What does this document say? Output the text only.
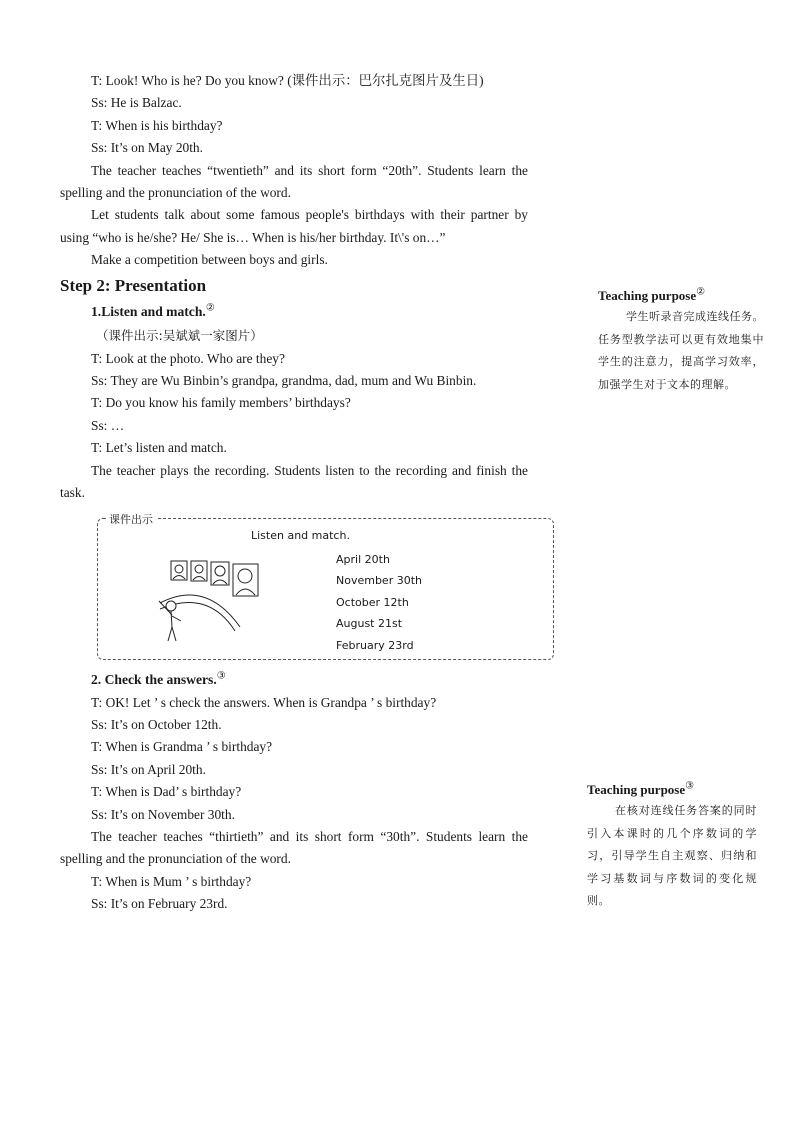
T: Look! Who is he? Do you know? (课件出示：巴尔扎克图片及生日)

Ss: He is Balzac.

T: When is his birthday?

Ss: It’s on May 20th.

The teacher teaches “twentieth” and its short form “20th”. Students learn the spelling and the pronunciation of the word.

Let students talk about some famous people's birthdays with their partner by using “who is he/she? He/ She is… When is his/her birthday. It\'s on…”

Make a competition between boys and girls.

Step 2: Presentation
1.Listen and match.②
（课件出示:吴斌斌一家图片）

T: Look at the photo. Who are they?

Ss: They are Wu Binbin’s grandpa, grandma, dad, mum and Wu Binbin.

T: Do you know his family members’ birthdays?

Ss: …

T: Let’s listen and match.

The teacher plays the recording. Students listen to the recording and finish the task.

课件出示
Listen and match.
April 20th
November 30th
October 12th
August 21st
February 23rd
2. Check the answers.③

T: OK! Let ’ s check the answers. When is Grandpa ’ s birthday?

Ss: It’s on October 12th.

T: When is Grandma ’ s birthday?

Ss: It’s on April 20th.

T: When is Dad’ s birthday?

Ss: It’s on November 30th.

The teacher teaches “thirtieth” and its short form “30th”. Students learn the spelling and the pronunciation of the word.

T: When is Mum ’ s birthday?

Ss: It’s on February 23rd.

Teaching purpose②
学生听录音完成连线任务。任务型教学法可以更有效地集中学生的注意力，提高学习效率，加强学生对于文本的理解。
Teaching purpose③
在核对连线任务答案的同时引入本课时的几个序数词的学习，引导学生自主观察、归纳和学习基数词与序数词的变化规则。
